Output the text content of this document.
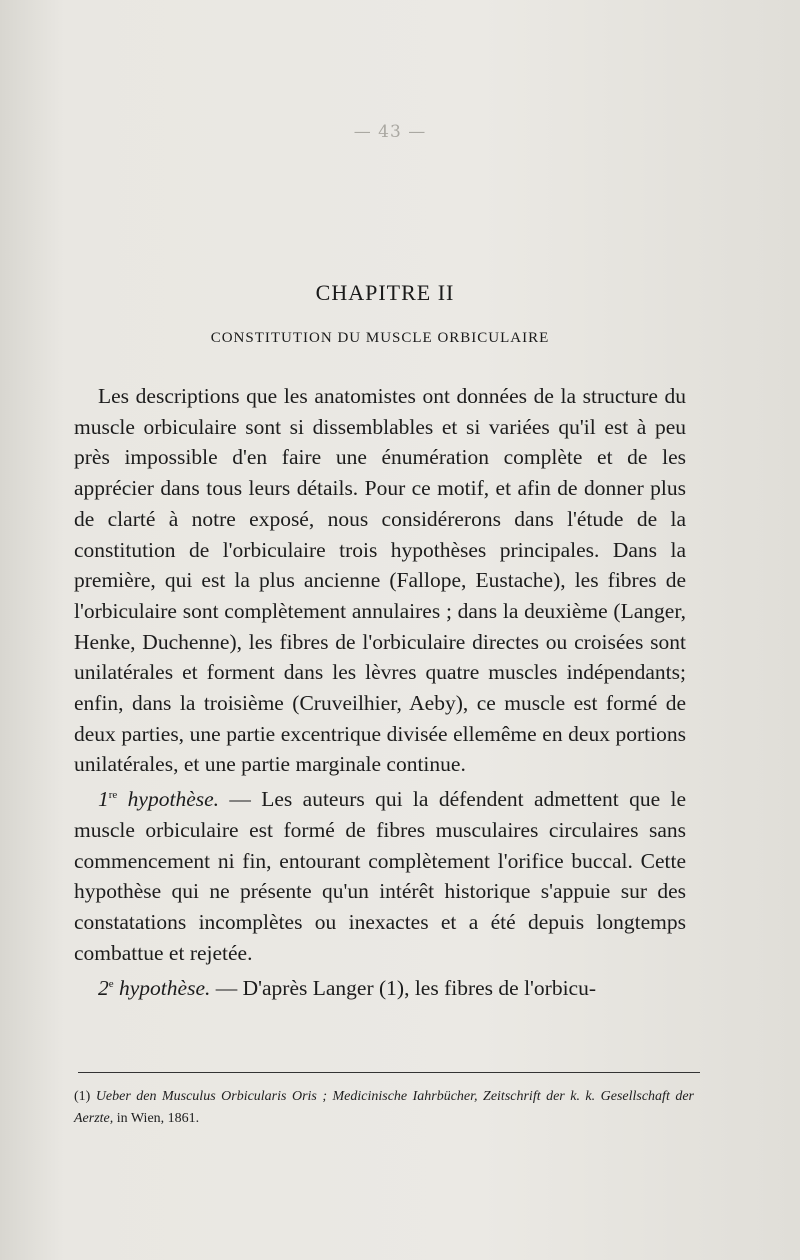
— 43 —
CHAPITRE II
CONSTITUTION DU MUSCLE ORBICULAIRE

Les descriptions que les anatomistes ont données de la structure du muscle orbiculaire sont si dissemblables et si variées qu'il est à peu près impossible d'en faire une énumération complète et de les apprécier dans tous leurs détails. Pour ce motif, et afin de donner plus de clarté à notre exposé, nous considérerons dans l'étude de la constitution de l'orbiculaire trois hypothèses principales. Dans la première, qui est la plus ancienne (Fallope, Eustache), les fibres de l'orbiculaire sont complètement annulaires ; dans la deuxième (Langer, Henke, Duchenne), les fibres de l'orbiculaire directes ou croisées sont unilatérales et forment dans les lèvres quatre muscles indépendants; enfin, dans la troisième (Cruveilhier, Aeby), ce muscle est formé de deux parties, une partie excentrique divisée ellemême en deux portions unilatérales, et une partie marginale continue.

1re hypothèse. — Les auteurs qui la défendent admettent que le muscle orbiculaire est formé de fibres musculaires circulaires sans commencement ni fin, entourant complètement l'orifice buccal. Cette hypothèse qui ne présente qu'un intérêt historique s'appuie sur des constatations incomplètes ou inexactes et a été depuis longtemps combattue et rejetée.

2e hypothèse. — D'après Langer (1), les fibres de l'orbicu-

(1) Ueber den Musculus Orbicularis Oris ; Medicinische Iahrbücher, Zeitschrift der k. k. Gesellschaft der Aerzte, in Wien, 1861.
